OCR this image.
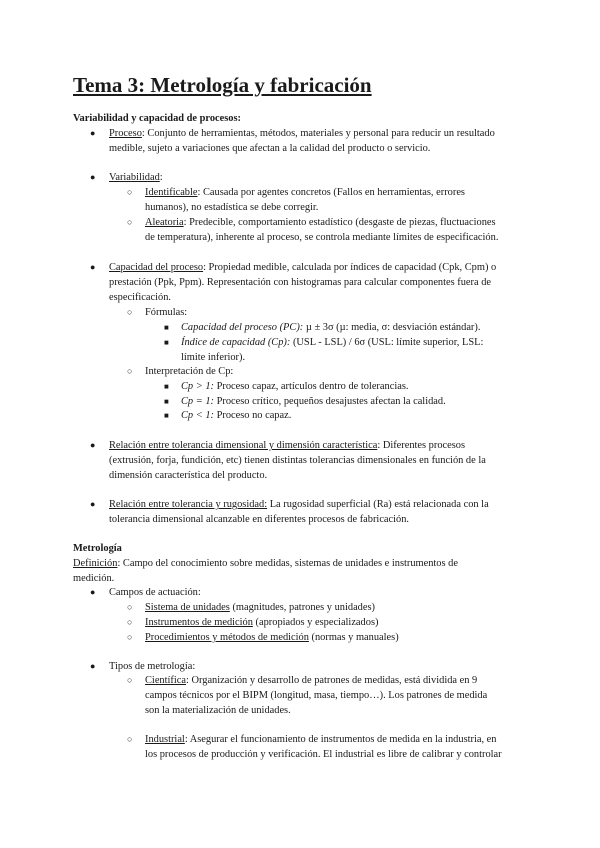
Tema 3: Metrología y fabricación
Variabilidad y capacidad de procesos:
●
Proceso: Conjunto de herramientas, métodos, materiales y personal para reducir un resultado
medible, sujeto a variaciones que afectan a la calidad del producto o servicio.
●
Variabilidad:
○
Identificable: Causada por agentes concretos (Fallos en herramientas, errores
humanos), no estadística se debe corregir.
○
Aleatoria: Predecible, comportamiento estadístico (desgaste de piezas, fluctuaciones
de temperatura), inherente al proceso, se controla mediante límites de especificación.
●
Capacidad del proceso: Propiedad medible, calculada por índices de capacidad (Cpk, Cpm) o
prestación (Ppk, Ppm). Representación con histogramas para calcular componentes fuera de
especificación.
○
Fórmulas:
■
Capacidad del proceso (PC): µ ± 3σ (µ: media, σ: desviación estándar).
■
Índice de capacidad (Cp): (USL - LSL) / 6σ (USL: límite superior, LSL:
límite inferior).
○
Interpretación de Cp:
■
Cp > 1: Proceso capaz, artículos dentro de tolerancias.
■
Cp = 1: Proceso crítico, pequeños desajustes afectan la calidad.
■
Cp < 1: Proceso no capaz.
●
Relación entre tolerancia dimensional y dimensión característica: Diferentes procesos
(extrusión, forja, fundición, etc) tienen distintas tolerancias dimensionales en función de la
dimensión característica del producto.
●
Relación entre tolerancia y rugosidad: La rugosidad superficial (Ra) está relacionada con la
tolerancia dimensional alcanzable en diferentes procesos de fabricación.
Metrología
Definición: Campo del conocimiento sobre medidas, sistemas de unidades e instrumentos de
medición.
●
Campos de actuación:
○
Sistema de unidades (magnitudes, patrones y unidades)
○
Instrumentos de medición (apropiados y especializados)
○
Procedimientos y métodos de medición (normas y manuales)
●
Tipos de metrología:
○
Científica: Organización y desarrollo de patrones de medidas, está dividida en 9
campos técnicos por el BIPM (longitud, masa, tiempo…). Los patrones de medida
son la materialización de unidades.
○
Industrial: Asegurar el funcionamiento de instrumentos de medida en la industria, en
los procesos de producción y verificación. El industrial es libre de calibrar y controlar
